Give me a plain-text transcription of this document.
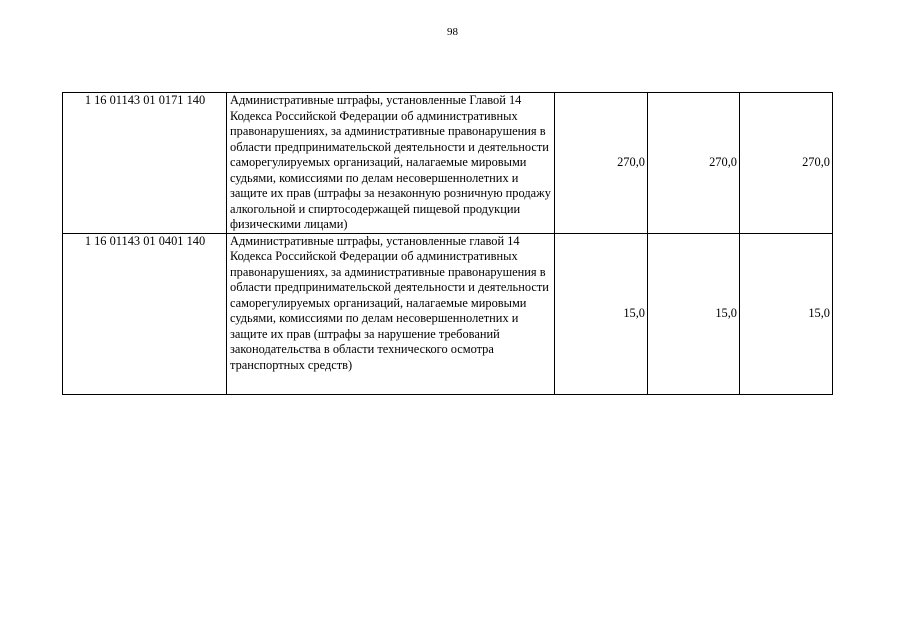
98
1 16 01143 01 0171 140	Административные штрафы, установленные Главой 14 Кодекса Российской Федерации об административных правонарушениях, за административные правонарушения в области предпринимательской деятельности и деятельности саморегулируемых организаций, налагаемые мировыми судьями, комиссиями по делам несовершеннолетних и защите их прав (штрафы за незаконную розничную продажу алкогольной и спиртосодержащей пищевой продукции физическими лицами)	270,0	270,0	270,0
1 16 01143 01 0401 140	Административные штрафы, установленные главой 14 Кодекса Российской Федерации об административных правонарушениях, за административные правонарушения в области предпринимательской деятельности и деятельности саморегулируемых организаций, налагаемые мировыми судьями, комиссиями по делам несовершеннолетних и защите их прав (штрафы за нарушение требований законодательства в области технического осмотра транспортных средств)	15,0	15,0	15,0
